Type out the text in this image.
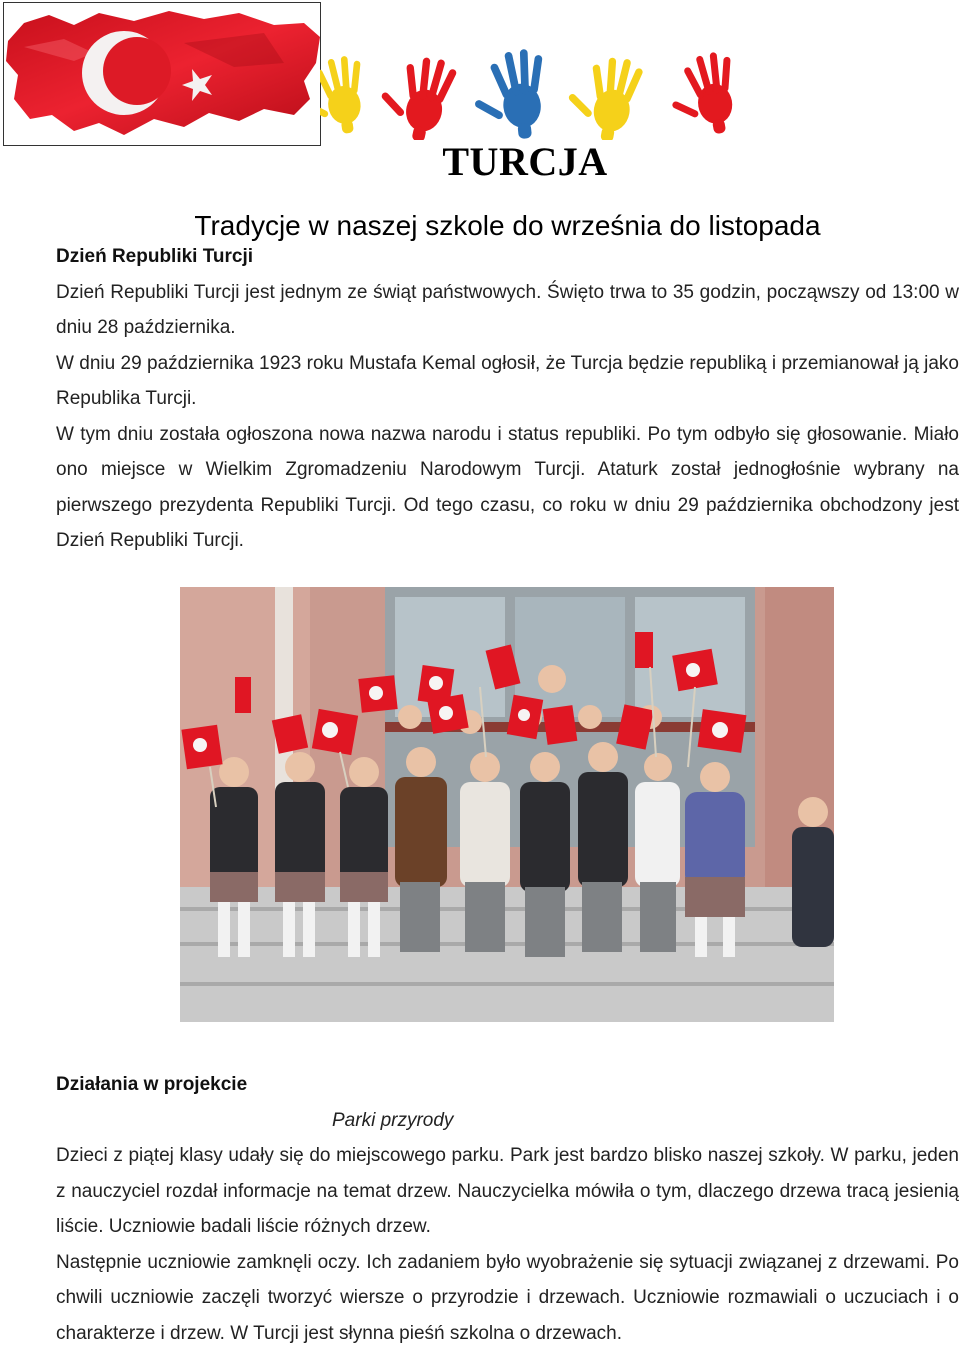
TURCJA
Tradycje w naszej szkole do września do listopada

Dzień Republiki Turcji

Dzień Republiki Turcji jest jednym ze świąt państwowych. Święto trwa to 35 godzin, począwszy od 13:00 w dniu 28 października.

W dniu 29 października 1923 roku Mustafa Kemal ogłosił, że Turcja będzie republiką i przemianował ją jako Republika Turcji.

W tym dniu została ogłoszona nowa nazwa narodu i status republiki. Po tym odbyło się głosowanie. Miało ono miejsce w Wielkim Zgromadzeniu Narodowym Turcji. Ataturk został jednogłośnie wybrany na pierwszego prezydenta Republiki Turcji. Od tego czasu, co roku w dniu 29 października obchodzony jest Dzień Republiki Turcji.

Działania w projekcie

Parki przyrody

Dzieci z piątej klasy udały się do miejscowego parku. Park jest bardzo blisko naszej szkoły. W parku, jeden z nauczyciel rozdał informacje na temat drzew. Nauczycielka mówiła o tym, dlaczego drzewa tracą jesienią liście. Uczniowie badali liście różnych drzew.

Następnie uczniowie zamknęli oczy. Ich zadaniem było wyobrażenie się sytuacji związanej z drzewami. Po chwili uczniowie zaczęli tworzyć wiersze o przyrodzie i drzewach. Uczniowie rozmawiali o uczuciach i o charakterze i drzew. W Turcji jest słynna pieśń szkolna o drzewach.
